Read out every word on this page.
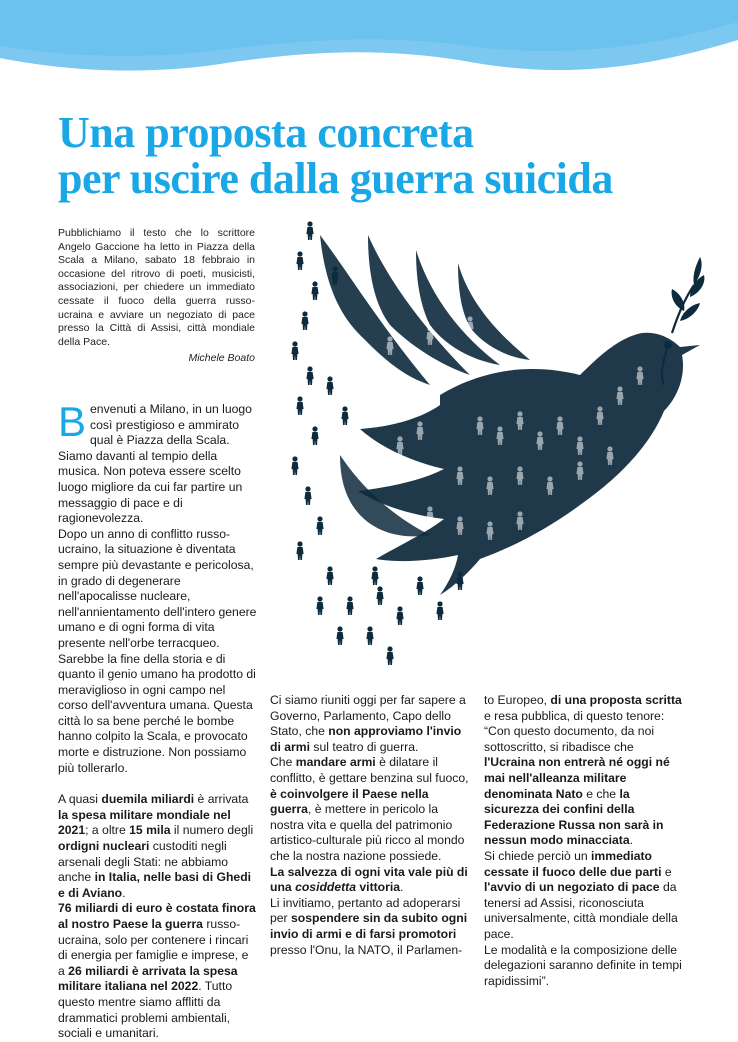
Una proposta concreta
per uscire dalla guerra suicida

Pubblichiamo il testo che lo scrittore Angelo Gaccione ha letto in Piazza della Scala a Milano, sabato 18 febbraio in occasione del ritrovo di poeti, musicisti, associazioni, per chiedere un immediato cessate il fuoco della guerra russo-ucraina e avviare un negoziato di pace presso la Città di Assisi, città mondiale della Pace.

Michele Boato

Benvenuti a Milano, in un luogo così prestigioso e ammirato qual è Piazza della Scala. Siamo davanti al tempio della musica. Non poteva essere scelto luogo migliore da cui far partire un messaggio di pace e di ragionevolezza.

Dopo un anno di conflitto russo-ucraino, la situazione è diventata sempre più devastante e pericolosa, in grado di degenerare nell'apocalisse nucleare, nell'annientamento dell'intero genere umano e di ogni forma di vita presente nell'orbe terracqueo. Sarebbe la fine della storia e di quanto il genio umano ha prodotto di meraviglioso in ogni campo nel corso dell'avventura umana. Questa città lo sa bene perché le bombe hanno colpito la Scala, e provocato morte e distruzione. Non possiamo più tollerarlo.

A quasi duemila miliardi è arrivata la spesa militare mondiale nel 2021; a oltre 15 mila il numero degli ordigni nucleari custoditi negli arsenali degli Stati: ne abbiamo anche in Italia, nelle basi di Ghedi e di Aviano.
76 miliardi di euro è costata finora al nostro Paese la guerra russo-ucraina, solo per contenere i rincari di energia per famiglie e imprese, e a 26 miliardi è arrivata la spesa militare italiana nel 2022. Tutto questo mentre siamo afflitti da drammatici problemi ambientali, sociali e umanitari.

Ci siamo riuniti oggi per far sapere a Governo, Parlamento, Capo dello Stato, che non approviamo l'invio di armi sul teatro di guerra.

Che mandare armi è dilatare il conflitto, è gettare benzina sul fuoco, è coinvolgere il Paese nella guerra, è mettere in pericolo la nostra vita e quella del patrimonio artistico-culturale più ricco al mondo che la nostra nazione possiede.

La salvezza di ogni vita vale più di una cosiddetta vittoria.

Li invitiamo, pertanto ad adoperarsi per sospendere sin da subito ogni invio di armi e di farsi promotori presso l'Onu, la NATO, il Parlamen-

to Europeo, di una proposta scritta e resa pubblica, di questo tenore:

“Con questo documento, da noi sottoscritto, si ribadisce che l'Ucraina non entrerà né oggi né mai nell'alleanza militare denominata Nato e che la sicurezza dei confini della Federazione Russa non sarà in nessun modo minacciata.

Si chiede perciò un immediato cessate il fuoco delle due parti e l'avvio di un negoziato di pace da tenersi ad Assisi, riconosciuta universalmente, città mondiale della pace.

Le modalità e la composizione delle delegazioni saranno definite in tempi rapidissimi”.
